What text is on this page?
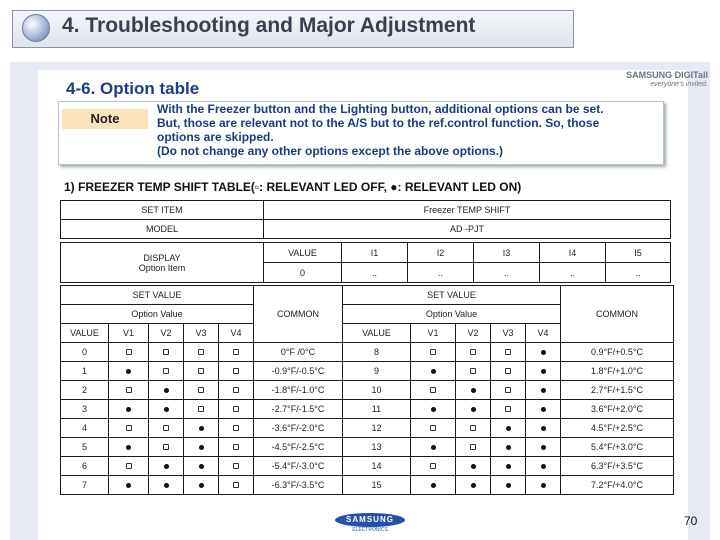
4. Troubleshooting and Major Adjustment
SAMSUNG DIGITall
everyone's invited.
4-6. Option table
Note
With the Freezer button and the Lighting button, additional options can be set.
But, those are relevant not to the A/S but to the ref.control function. So, those
options are skipped.
(Do not change any other options except the above options.)
1) FREEZER TEMP SHIFT TABLE(▫: RELEVANT LED OFF, ●: RELEVANT LED ON)
SET ITEM	Freezer TEMP SHIFT
MODEL	AD -PJT
DISPLAY
Option Item	VALUE	I1	I2	I3	I4	I5
	0	..	..	..	..	..
SET VALUE					COMMON	SET VALUE					COMMON
Option Value						Option Value					
VALUE	V1	V2	V3	V4		VALUE	V1	V2	V3	V4	
0					0°F /0°C	8					0.9°F/+0.5°C
1					-0.9°F/-0.5°C	9					1.8°F/+1.0°C
2					-1.8°F/-1.0°C	10					2.7°F/+1.5°C
3					-2.7°F/-1.5°C	11					3.6°F/+2.0°C
4					-3.6°F/-2.0°C	12					4.5°F/+2.5°C
5					-4.5°F/-2.5°C	13					5.4°F/+3.0°C
6					-5.4°F/-3.0°C	14					6.3°F/+3.5°C
7					-6.3°F/-3.5°C	15					7.2°F/+4.0°C
SAMSUNG
ELECTRONICS
70
